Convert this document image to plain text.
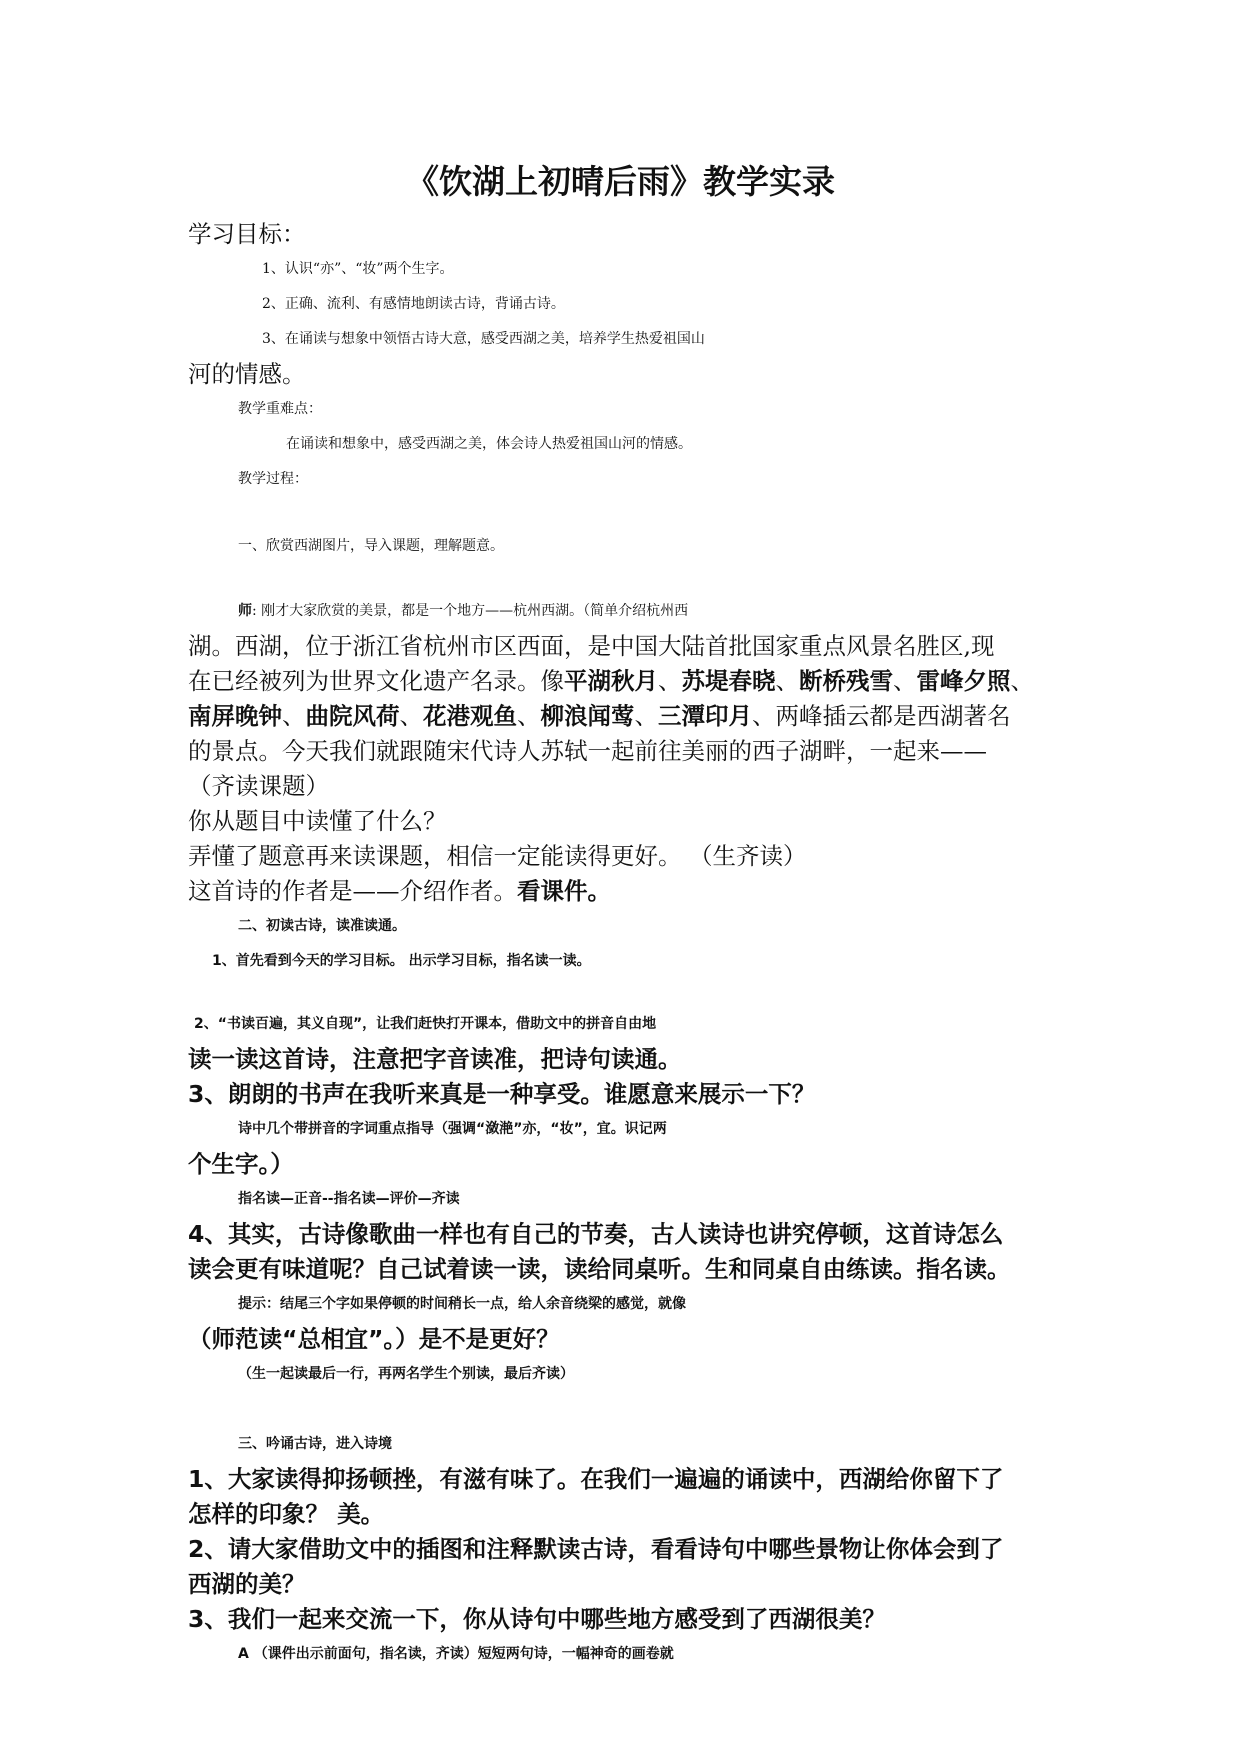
《饮湖上初晴后雨》教学实录
学习目标：
1、认识“亦”、“妆”两个生字。
2、正确、流利、有感情地朗读古诗，背诵古诗。
3、在诵读与想象中领悟古诗大意，感受西湖之美，培养学生热爱祖国山
河的情感。
教学重难点：
在诵读和想象中，感受西湖之美，体会诗人热爱祖国山河的情感。
教学过程：
一、欣赏西湖图片，导入课题，理解题意。
师: 刚才大家欣赏的美景，都是一个地方——杭州西湖。（简单介绍杭州西
湖。西湖，位于浙江省杭州市区西面，是中国大陆首批国家重点风景名胜区,现
在已经被列为世界文化遗产名录。像平湖秋月、苏堤春晓、断桥残雪、雷峰夕照、
南屏晚钟、曲院风荷、花港观鱼、柳浪闻莺、三潭印月、两峰插云都是西湖著名
的景点。今天我们就跟随宋代诗人苏轼一起前往美丽的西子湖畔，一起来——
（齐读课题）
你从题目中读懂了什么？
弄懂了题意再来读课题，相信一定能读得更好。 （生齐读）
这首诗的作者是——介绍作者。看课件。
二、初读古诗，读准读通。
1、首先看到今天的学习目标。 出示学习目标，指名读一读。
2、“书读百遍，其义自现”，让我们赶快打开课本，借助文中的拼音自由地
读一读这首诗，注意把字音读准，把诗句读通。
3、朗朗的书声在我听来真是一种享受。谁愿意来展示一下？
诗中几个带拼音的字词重点指导（强调“潋滟”亦，“妆”，宜。识记两
个生字。）
指名读—正音--指名读—评价—齐读
4、其实，古诗像歌曲一样也有自己的节奏，古人读诗也讲究停顿，这首诗怎么
读会更有味道呢？自己试着读一读，读给同桌听。生和同桌自由练读。指名读。
提示：结尾三个字如果停顿的时间稍长一点，给人余音绕梁的感觉，就像
（师范读“总相宜”。）是不是更好？
（生一起读最后一行，再两名学生个别读，最后齐读）
三、吟诵古诗，进入诗境
1、大家读得抑扬顿挫，有滋有味了。在我们一遍遍的诵读中，西湖给你留下了
怎样的印象？ 美。
2、请大家借助文中的插图和注释默读古诗，看看诗句中哪些景物让你体会到了
西湖的美？
3、我们一起来交流一下，你从诗句中哪些地方感受到了西湖很美？
A （课件出示前面句，指名读，齐读）短短两句诗，一幅神奇的画卷就
